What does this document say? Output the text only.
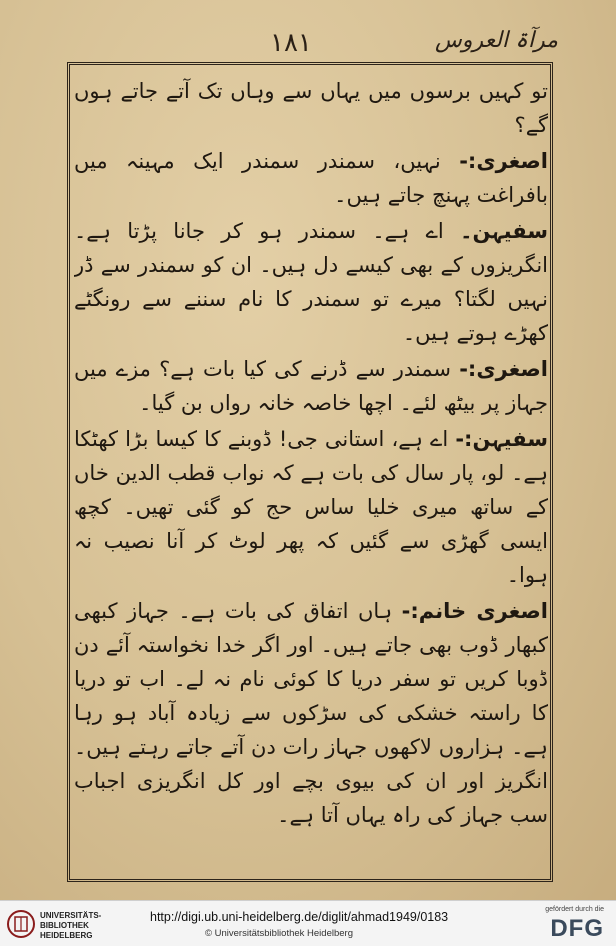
مرآۃ العروس
۱۸۱

تو کہیں برسوں میں یہاں سے وہاں تک آتے جاتے ہوں گے؟

اصغری:- نہیں، سمندر سمندر ایک مہینہ میں بافراغت پہنچ جاتے ہیں۔

سفیہن۔ اے ہے۔ سمندر ہو کر جانا پڑتا ہے۔ انگریزوں کے بھی کیسے دل ہیں۔ ان کو سمندر سے ڈر نہیں لگتا؟ میرے تو سمندر کا نام سننے سے رونگٹے کھڑے ہوتے ہیں۔

اصغری:- سمندر سے ڈرنے کی کیا بات ہے؟ مزے میں جہاز پر بیٹھ لئے۔ اچھا خاصہ خانہ رواں بن گیا۔

سفیہن:- اے ہے، استانی جی! ڈوبنے کا کیسا بڑا کھٹکا ہے۔ لو، پار سال کی بات ہے کہ نواب قطب الدین خاں کے ساتھ میری خلیا ساس حج کو گئی تھیں۔ کچھ ایسی گھڑی سے گئیں کہ پھر لوٹ کر آنا نصیب نہ ہوا۔

اصغری خانم:- ہاں اتفاق کی بات ہے۔ جہاز کبھی کبھار ڈوب بھی جاتے ہیں۔ اور اگر خدا نخواستہ آئے دن ڈوبا کریں تو سفر دریا کا کوئی نام نہ لے۔ اب تو دریا کا راستہ خشکی کی سڑکوں سے زیادہ آباد ہو رہا ہے۔ ہزاروں لاکھوں جہاز رات دن آتے جاتے رہتے ہیں۔ انگریز اور ان کی بیوی بچے اور کل انگریزی اجباب سب جہاز کی راہ یہاں آتا ہے۔

UNIVERSITÄTS-
BIBLIOTHEK
HEIDELBERG
http://digi.ub.uni-heidelberg.de/diglit/ahmad1949/0183
© Universitätsbibliothek Heidelberg
gefördert durch die
DFG
